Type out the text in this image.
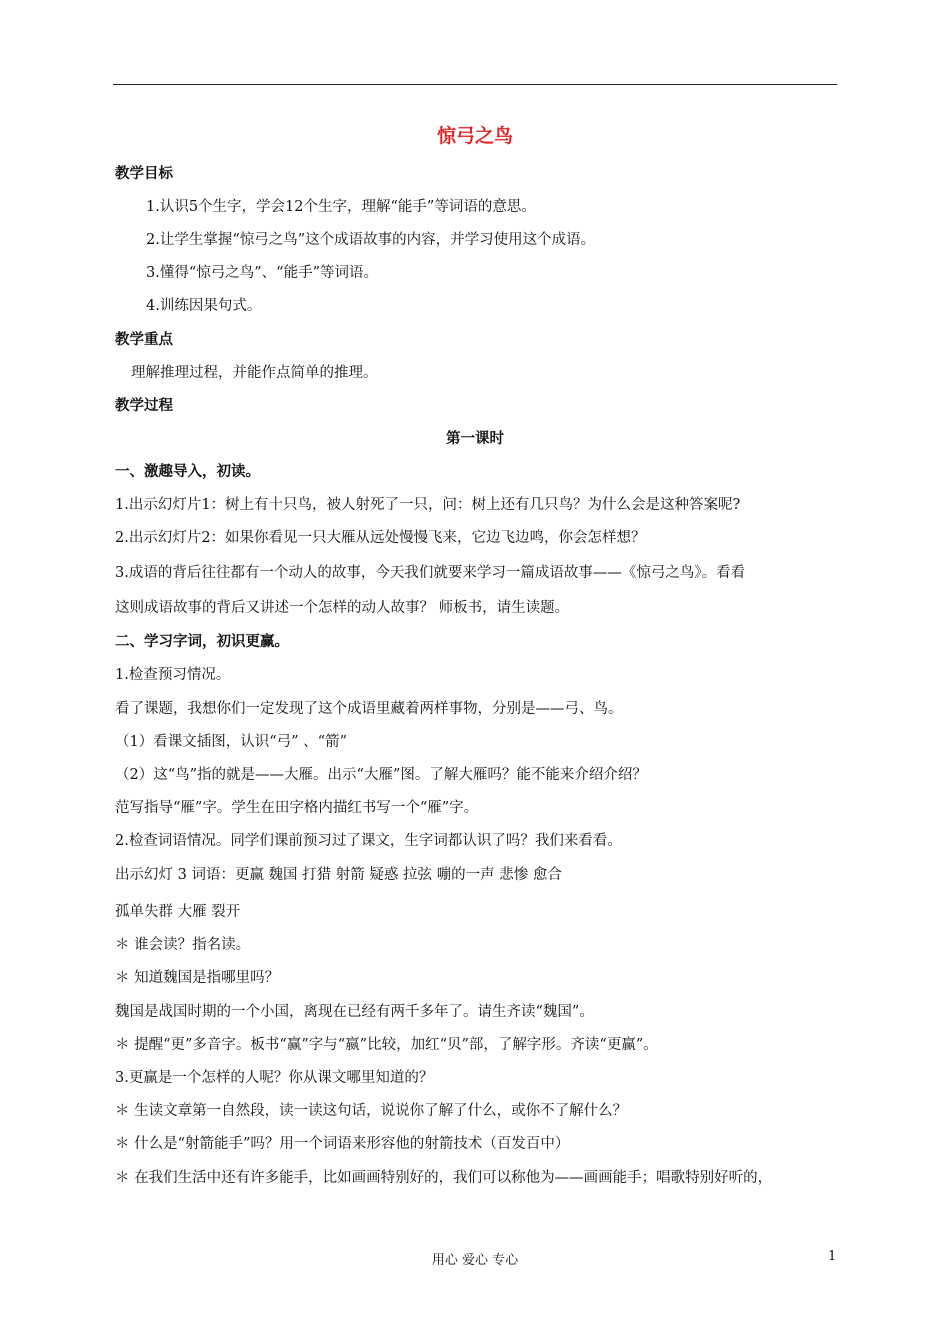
惊弓之鸟
教学目标
1.认识5个生字，学会12个生字，理解“能手”等词语的意思。
2.让学生掌握“惊弓之鸟”这个成语故事的内容，并学习使用这个成语。
3.懂得“惊弓之鸟”、“能手”等词语。
4.训练因果句式。
教学重点
理解推理过程，并能作点简单的推理。
教学过程
第一课时
一、激趣导入，初读。
1.出示幻灯片1：树上有十只鸟，被人射死了一只，问：树上还有几只鸟？为什么会是这种答案呢?
2.出示幻灯片2：如果你看见一只大雁从远处慢慢飞来，它边飞边鸣，你会怎样想？
3.成语的背后往往都有一个动人的故事，今天我们就要来学习一篇成语故事——《惊弓之鸟》。看看
这则成语故事的背后又讲述一个怎样的动人故事？ 师板书，请生读题。
二、学习字词，初识更赢。
1.检查预习情况。
看了课题，我想你们一定发现了这个成语里藏着两样事物，分别是——弓、鸟。
（1）看课文插图，认识“弓” 、“箭”
（2）这“鸟”指的就是——大雁。出示“大雁”图。了解大雁吗？能不能来介绍介绍？
范写指导“雁”字。学生在田字格内描红书写一个“雁”字。
2.检查词语情况。同学们课前预习过了课文，生字词都认识了吗？我们来看看。
出示幻灯 3 词语：更赢 魏国 打猎 射箭 疑惑 拉弦 嘣的一声 悲惨 愈合
孤单失群 大雁 裂开
＊ 谁会读？指名读。
＊ 知道魏国是指哪里吗？
魏国是战国时期的一个小国，离现在已经有两千多年了。请生齐读“魏国”。
＊ 提醒“更”多音字。板书“赢”字与“嬴”比较，加红“贝”部，了解字形。齐读“更赢”。
3.更赢是一个怎样的人呢？你从课文哪里知道的？
＊ 生读文章第一自然段，读一读这句话，说说你了解了什么，或你不了解什么？
＊ 什么是“射箭能手”吗？用一个词语来形容他的射箭技术（百发百中）
＊ 在我们生活中还有许多能手，比如画画特别好的，我们可以称他为——画画能手；唱歌特别好听的，
用心 爱心 专心	1
